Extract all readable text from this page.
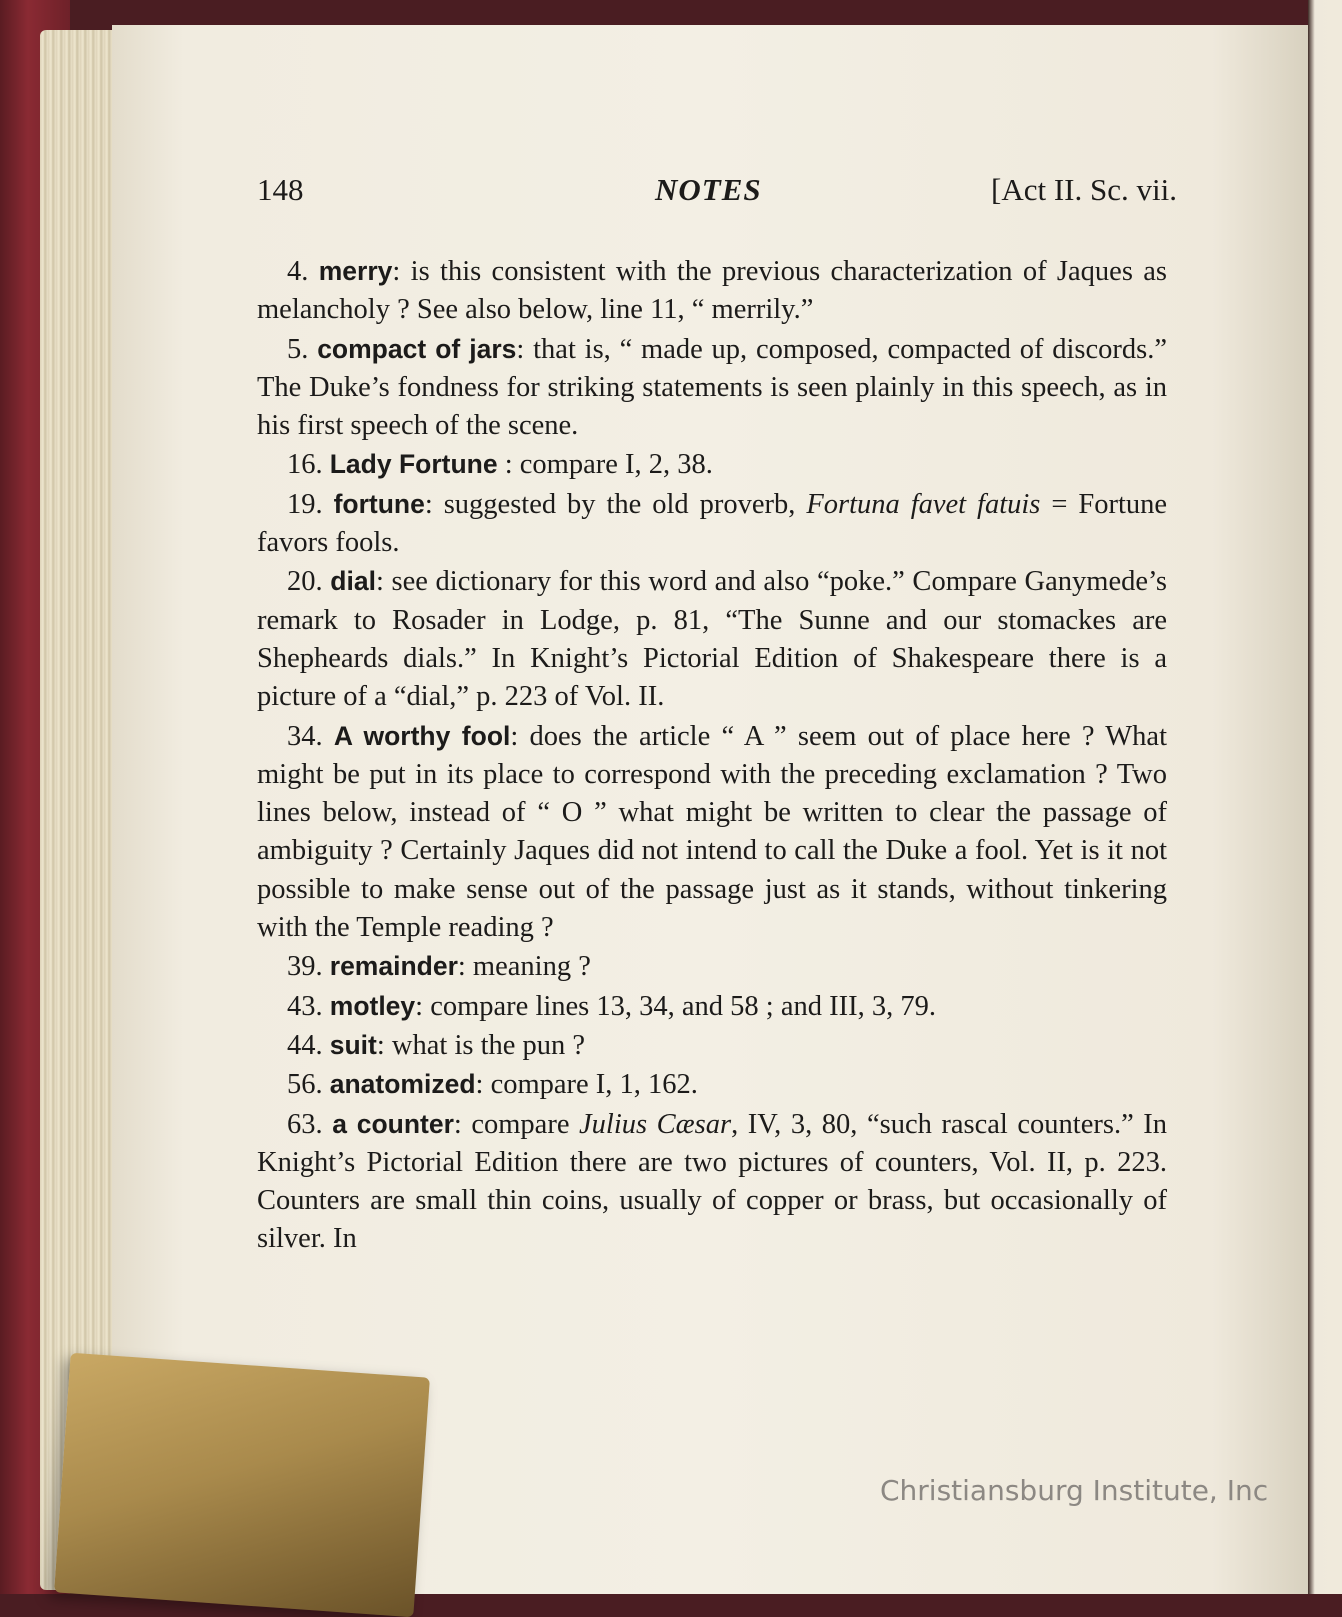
148	NOTES	[Act II. Sc. vii.

4. merry: is this consistent with the previous characterization of Jaques as melancholy ? See also below, line 11, “ merrily.”

5. compact of jars: that is, “ made up, composed, compacted of discords.” The Duke’s fondness for striking statements is seen plainly in this speech, as in his first speech of the scene.

16. Lady Fortune : compare I, 2, 38.

19. fortune: suggested by the old proverb, Fortuna favet fatuis = Fortune favors fools.

20. dial: see dictionary for this word and also “poke.” Compare Ganymede’s remark to Rosader in Lodge, p. 81, “The Sunne and our stomackes are Shepheards dials.” In Knight’s Pictorial Edition of Shakespeare there is a picture of a “dial,” p. 223 of Vol. II.

34. A worthy fool: does the article “ A ” seem out of place here ? What might be put in its place to correspond with the preceding exclamation ? Two lines below, instead of “ O ” what might be written to clear the passage of ambiguity ? Certainly Jaques did not intend to call the Duke a fool. Yet is it not possible to make sense out of the passage just as it stands, without tinkering with the Temple reading ?

39. remainder: meaning ?

43. motley: compare lines 13, 34, and 58 ; and III, 3, 79.

44. suit: what is the pun ?

56. anatomized: compare I, 1, 162.

63. a counter: compare Julius Cæsar, IV, 3, 80, “such rascal counters.” In Knight’s Pictorial Edition there are two pictures of counters, Vol. II, p. 223. Counters are small thin coins, usually of copper or brass, but occasionally of silver. In

Christiansburg Institute, Inc
